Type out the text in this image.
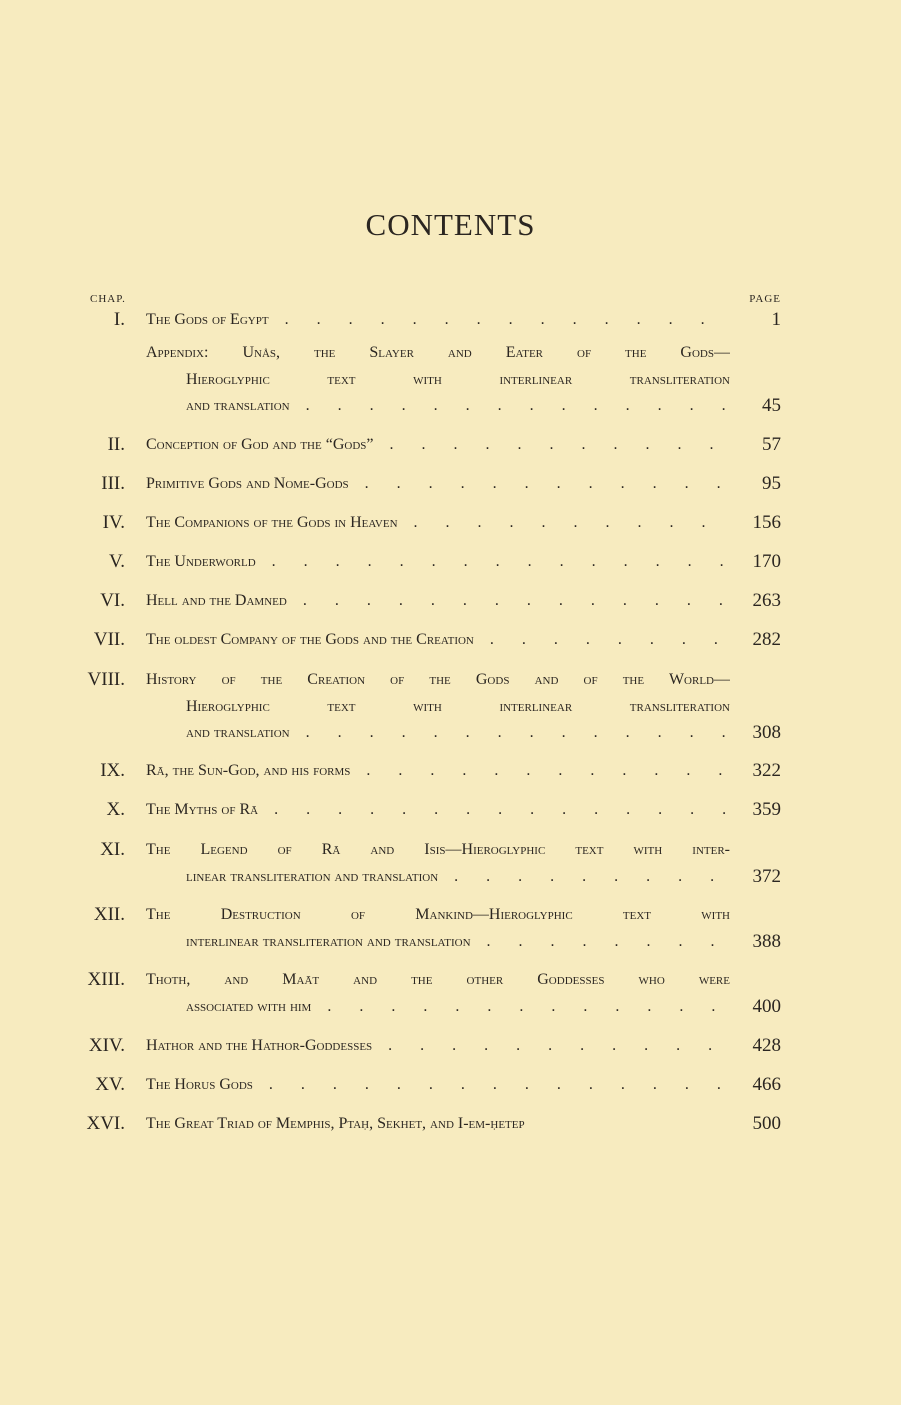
CONTENTS
CHAP.	PAGE
I. The Gods of Egypt . . .	1
Appendix: Unås, the Slayer and Eater of the Gods—
Hieroglyphic text with interlinear transliteration
and translation . . .	45
II. Conception of God and the “Gods” . . .	57
III. Primitive Gods and Nome-Gods . . .	95
IV. The Companions of the Gods in Heaven . . .	156
V. The Underworld . . .	170
VI. Hell and the Damned . . .	263
VII. The oldest Company of the Gods and the Creation . . .	282
VIII. History of the Creation of the Gods and of the World—
Hieroglyphic text with interlinear transliteration
and translation . . .	308
IX. Rā, the Sun-God, and his forms . . .	322
X. The Myths of Rā . . .	359
XI. The Legend of Rā and Isis—Hieroglyphic text with inter-
linear transliteration and translation . . .	372
XII. The Destruction of Mankind—Hieroglyphic text with
interlinear transliteration and translation . . .	388
XIII. Thoth, and Maāt and the other Goddesses who were
associated with him . . .	400
XIV. Hathor and the Hathor-Goddesses . . .	428
XV. The Horus Gods . . .	466
XVI. The Great Triad of Memphis, Ptaḥ, Sekhet, and I-em-ḥetep	500
